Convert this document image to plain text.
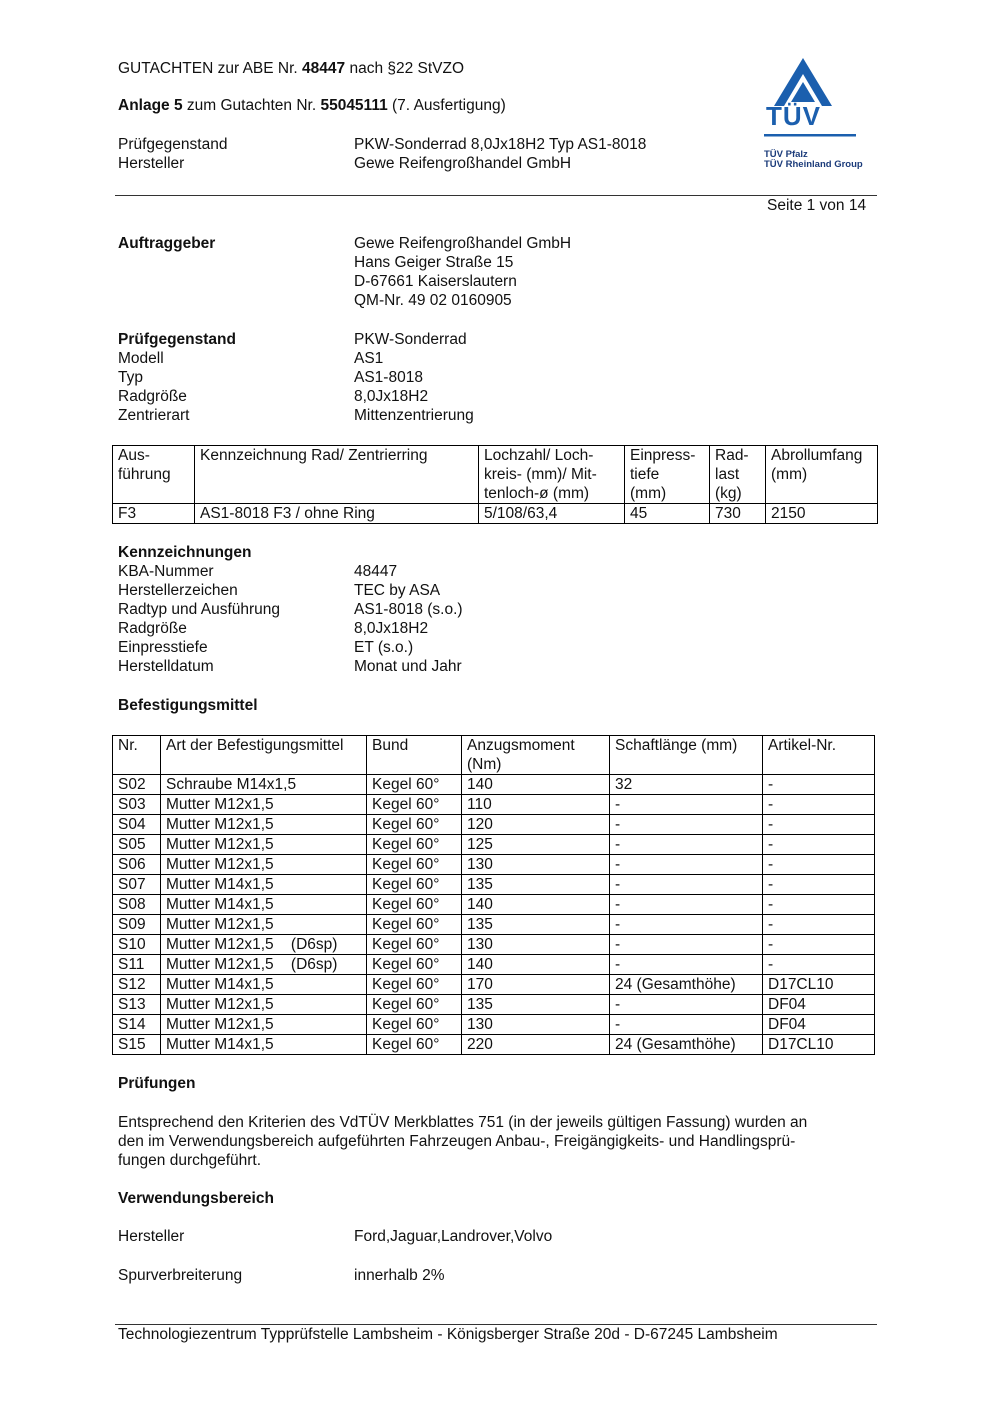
GUTACHTEN zur ABE Nr. 48447 nach §22 StVZO
Anlage 5 zum Gutachten Nr. 55045111 (7. Ausfertigung)
Prüfgegenstand	PKW-Sonderrad 8,0Jx18H2 Typ AS1-8018
Hersteller	Gewe Reifengroßhandel GmbH
TÜV
TÜV Pfalz
TÜV Rheinland Group
Seite 1 von 14
Auftraggeber	Gewe Reifengroßhandel GmbH
Hans Geiger Straße 15
D-67661 Kaiserslautern
QM-Nr. 49 02 0160905
Prüfgegenstand	PKW-Sonderrad
Modell	AS1
Typ	AS1-8018
Radgröße	8,0Jx18H2
Zentrierart	Mittenzentrierung
Aus-
führung	Kennzeichnung Rad/ Zentrierring	Lochzahl/ Loch-
kreis- (mm)/ Mit-
tenloch-ø (mm)	Einpress-
tiefe
(mm)	Rad-
last
(kg)	Abrollumfang
(mm)
F3	AS1-8018 F3 / ohne Ring	5/108/63,4	45	730	2150
Kennzeichnungen
KBA-Nummer	48447
Herstellerzeichen	TEC by ASA
Radtyp und Ausführung	AS1-8018 (s.o.)
Radgröße	8,0Jx18H2
Einpresstiefe	ET (s.o.)
Herstelldatum	Monat und Jahr
Befestigungsmittel
Nr.	Art der Befestigungsmittel	Bund	Anzugsmoment
(Nm)	Schaftlänge (mm)	Artikel-Nr.
S02	Schraube M14x1,5	Kegel 60°	140	32	-
S03	Mutter M12x1,5	Kegel 60°	110	-	-
S04	Mutter M12x1,5	Kegel 60°	120	-	-
S05	Mutter M12x1,5	Kegel 60°	125	-	-
S06	Mutter M12x1,5	Kegel 60°	130	-	-
S07	Mutter M14x1,5	Kegel 60°	135	-	-
S08	Mutter M14x1,5	Kegel 60°	140	-	-
S09	Mutter M12x1,5	Kegel 60°	135	-	-
S10	Mutter M12x1,5    (D6sp)	Kegel 60°	130	-	-
S11	Mutter M12x1,5    (D6sp)	Kegel 60°	140	-	-
S12	Mutter M14x1,5	Kegel 60°	170	24 (Gesamthöhe)	D17CL10
S13	Mutter M12x1,5	Kegel 60°	135	-	DF04
S14	Mutter M12x1,5	Kegel 60°	130	-	DF04
S15	Mutter M14x1,5	Kegel 60°	220	24 (Gesamthöhe)	D17CL10
Prüfungen
Entsprechend den Kriterien des VdTÜV Merkblattes 751 (in der jeweils gültigen Fassung) wurden an
den im Verwendungsbereich aufgeführten Fahrzeugen Anbau-, Freigängigkeits- und Handlingsprü-
fungen durchgeführt.
Verwendungsbereich
Hersteller	Ford,Jaguar,Landrover,Volvo
Spurverbreiterung	innerhalb 2%
Technologiezentrum Typprüfstelle Lambsheim - Königsberger Straße 20d - D-67245 Lambsheim
